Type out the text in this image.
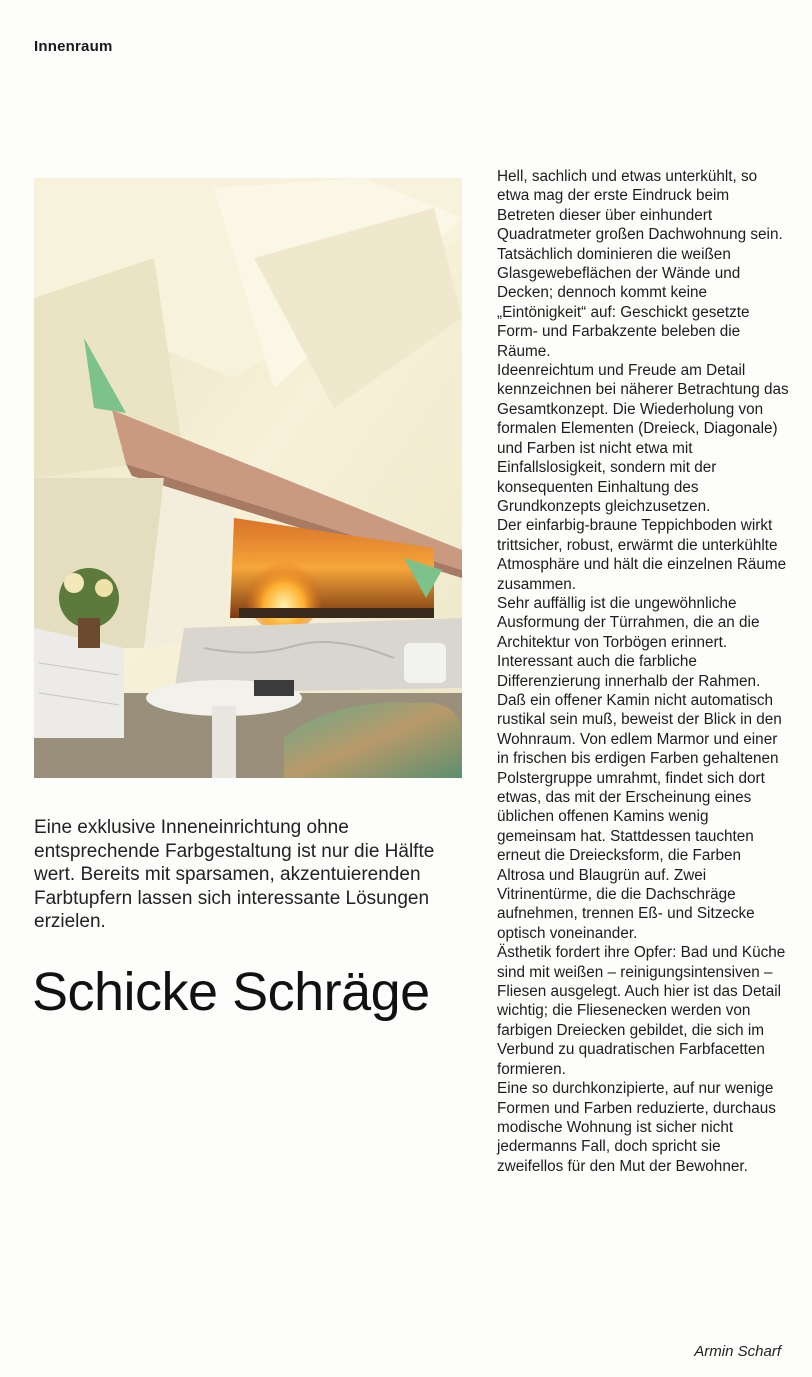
Innenraum
Eine exklusive Inneneinrichtung ohne entsprechende Farbgestaltung ist nur die Hälfte wert. Bereits mit sparsamen, akzentuierenden Farbtupfern lassen sich interessante Lösungen erzielen.
Schicke Schräge

Hell, sachlich und etwas unterkühlt, so etwa mag der erste Eindruck beim Betreten dieser über einhundert Quadratmeter großen Dachwohnung sein. Tatsächlich dominieren die weißen Glasgewebeflächen der Wände und Decken; dennoch kommt keine „Eintönigkeit“ auf: Geschickt gesetzte Form- und Farbakzente beleben die Räume.

Ideenreichtum und Freude am Detail kennzeichnen bei näherer Betrachtung das Gesamtkonzept. Die Wiederholung von formalen Elementen (Dreieck, Diagonale) und Farben ist nicht etwa mit Einfallslosigkeit, sondern mit der konsequenten Einhaltung des Grundkonzepts gleichzusetzen.

Der einfarbig-braune Teppichboden wirkt trittsicher, robust, erwärmt die unterkühlte Atmosphäre und hält die einzelnen Räume zusammen.

Sehr auffällig ist die ungewöhnliche Ausformung der Türrahmen, die an die Architektur von Torbögen erinnert. Interessant auch die farbliche Differenzierung innerhalb der Rahmen.

Daß ein offener Kamin nicht automatisch rustikal sein muß, beweist der Blick in den Wohnraum. Von edlem Marmor und einer in frischen bis erdigen Farben gehaltenen Polstergruppe umrahmt, findet sich dort etwas, das mit der Erscheinung eines üblichen offenen Kamins wenig gemeinsam hat. Stattdessen tauchten erneut die Dreiecksform, die Farben Altrosa und Blaugrün auf. Zwei Vitrinentürme, die die Dachschräge aufnehmen, trennen Eß- und Sitzecke optisch voneinander.

Ästhetik fordert ihre Opfer: Bad und Küche sind mit weißen – reinigungsintensiven – Fliesen ausgelegt. Auch hier ist das Detail wichtig; die Fliesenecken werden von farbigen Dreiecken gebildet, die sich im Verbund zu quadratischen Farbfacetten formieren.

Eine so durchkonzipierte, auf nur wenige Formen und Farben reduzierte, durchaus modische Wohnung ist sicher nicht jedermanns Fall, doch spricht sie zweifellos für den Mut der Bewohner.

Armin Scharf
